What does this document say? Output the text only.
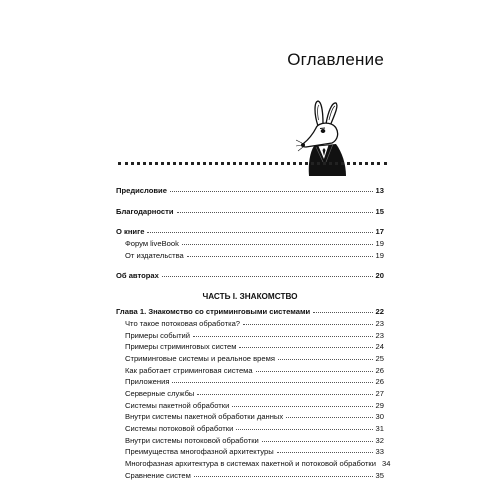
Оглавление
Предисловие	13
Благодарности	15
О книге	17
Форум liveBook	19
От издательства	19
Об авторах	20
ЧАСТЬ I. ЗНАКОМСТВО
Глава 1. Знакомство со стриминговыми системами	22
Что такое потоковая обработка?	23
Примеры событий	23
Примеры стриминговых систем	24
Стриминговые системы и реальное время	25
Как работает стриминговая система	26
Приложения	26
Серверные службы	27
Системы пакетной обработки	29
Внутри системы пакетной обработки данных	30
Системы потоковой обработки	31
Внутри системы потоковой обработки	32
Преимущества многофазной архитектуры	33
Многофазная архитектура в системах пакетной и потоковой обработки 34
Сравнение систем	35
